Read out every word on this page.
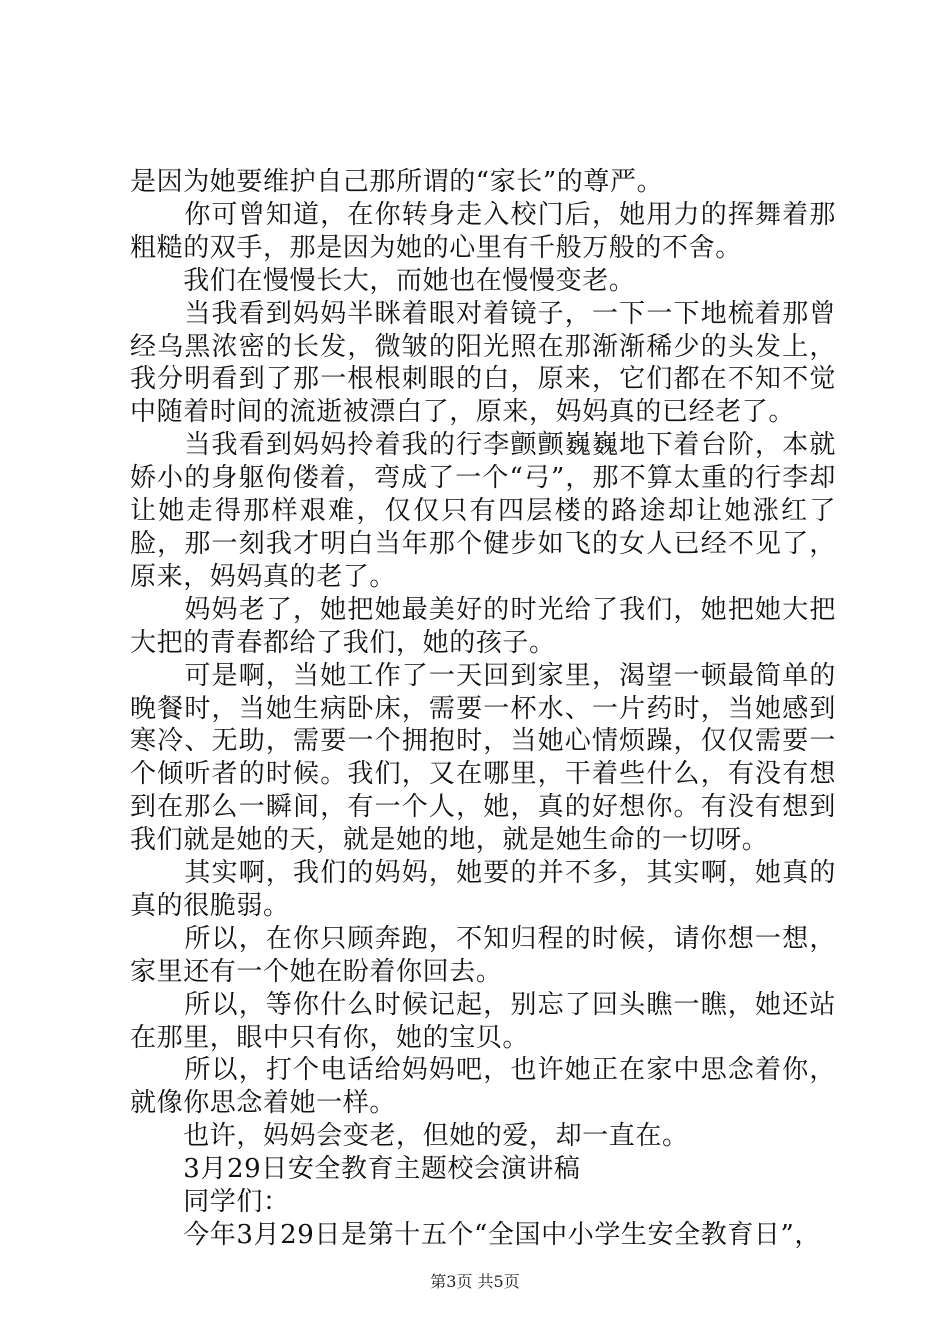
是因为她要维护自己那所谓的“家长”的尊严。

　　你可曾知道，在你转身走入校门后，她用力的挥舞着那粗糙的双手，那是因为她的心里有千般万般的不舍。

　　我们在慢慢长大，而她也在慢慢变老。

　　当我看到妈妈半眯着眼对着镜子，一下一下地梳着那曾经乌黑浓密的长发，微皱的阳光照在那渐渐稀少的头发上，我分明看到了那一根根刺眼的白，原来，它们都在不知不觉中随着时间的流逝被漂白了，原来，妈妈真的已经老了。

　　当我看到妈妈拎着我的行李颤颤巍巍地下着台阶，本就娇小的身躯佝偻着，弯成了一个“弓”，那不算太重的行李却让她走得那样艰难，仅仅只有四层楼的路途却让她涨红了脸，那一刻我才明白当年那个健步如飞的女人已经不见了，原来，妈妈真的老了。

　　妈妈老了，她把她最美好的时光给了我们，她把她大把大把的青春都给了我们，她的孩子。

　　可是啊，当她工作了一天回到家里，渴望一顿最简单的晚餐时，当她生病卧床，需要一杯水、一片药时，当她感到寒冷、无助，需要一个拥抱时，当她心情烦躁，仅仅需要一个倾听者的时候。我们，又在哪里，干着些什么，有没有想到在那么一瞬间，有一个人，她，真的好想你。有没有想到我们就是她的天，就是她的地，就是她生命的一切呀。

　　其实啊，我们的妈妈，她要的并不多，其实啊，她真的真的很脆弱。

　　所以，在你只顾奔跑，不知归程的时候，请你想一想，家里还有一个她在盼着你回去。

　　所以，等你什么时候记起，别忘了回头瞧一瞧，她还站在那里，眼中只有你，她的宝贝。

　　所以，打个电话给妈妈吧，也许她正在家中思念着你，就像你思念着她一样。

　　也许，妈妈会变老，但她的爱，却一直在。

　　3月29日安全教育主题校会演讲稿

　　同学们：

　　今年3月29日是第十五个“全国中小学生安全教育日”，

第3页 共5页
